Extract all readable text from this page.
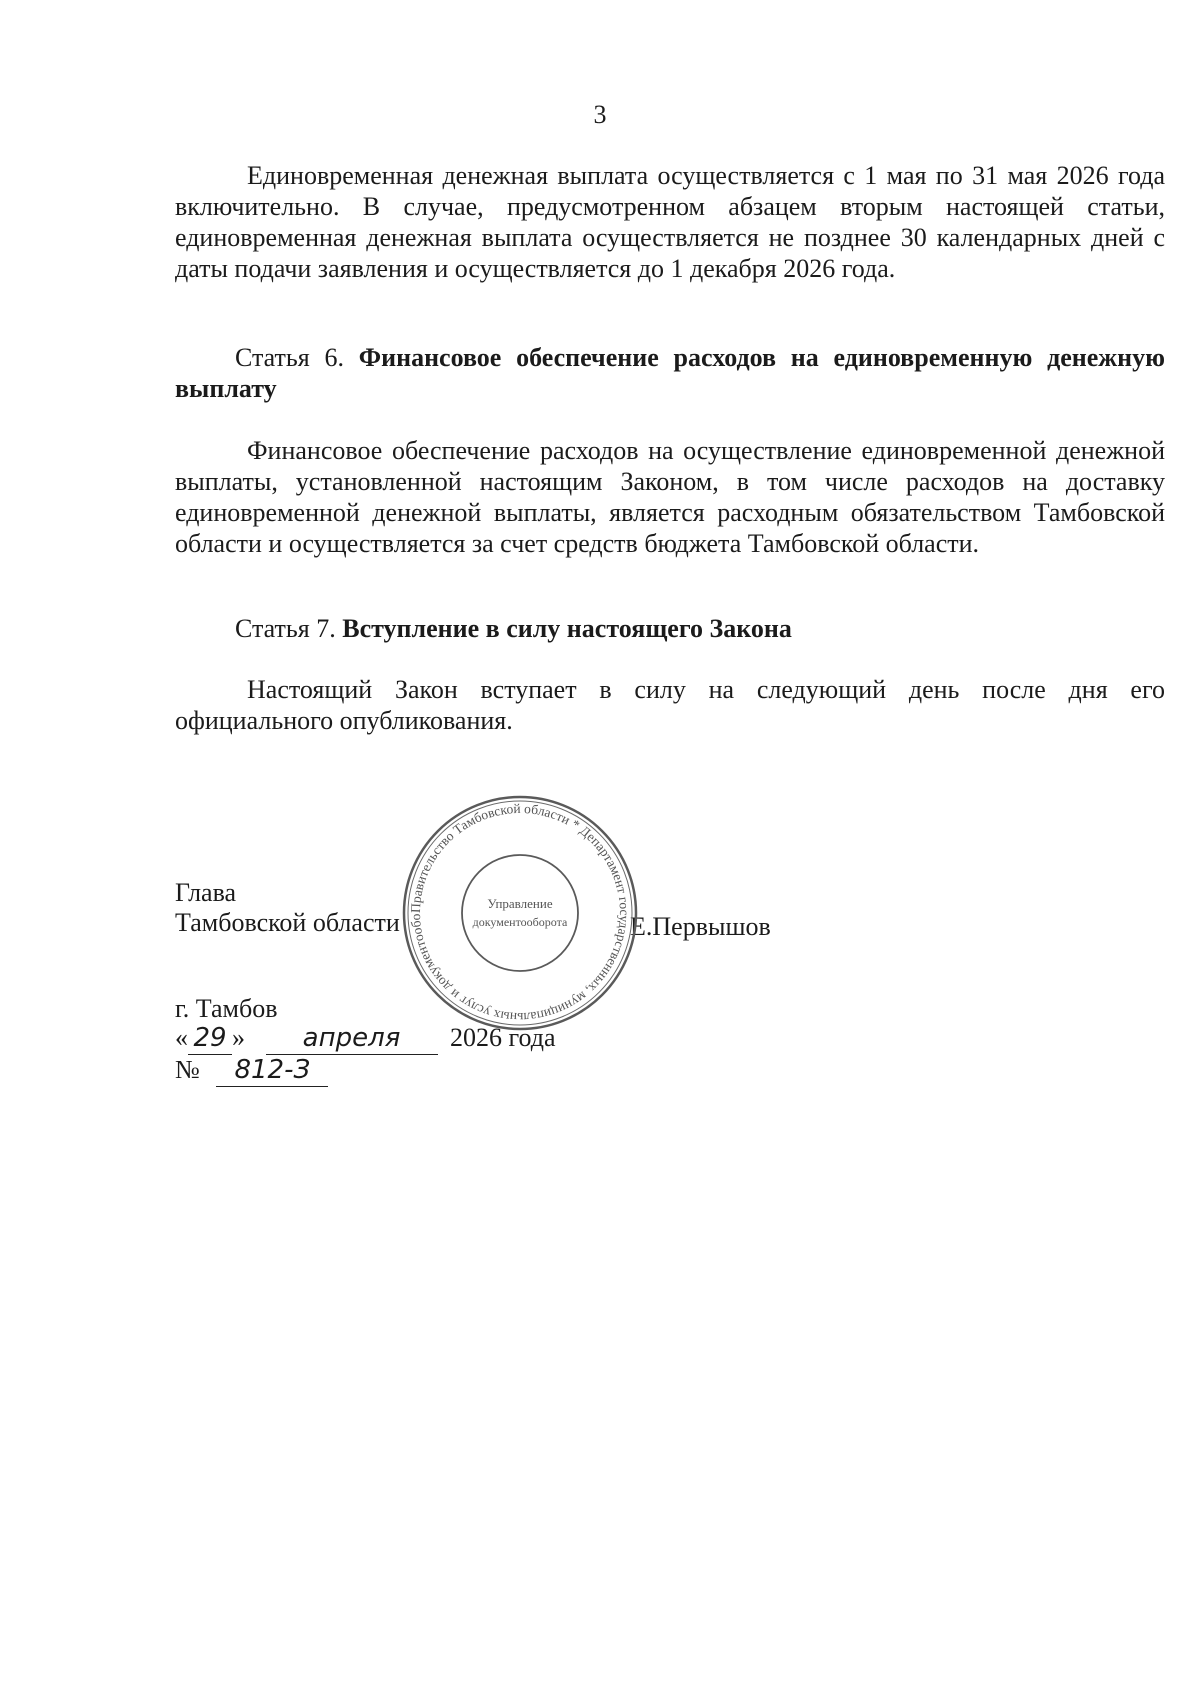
3

Единовременная денежная выплата осуществляется с 1 мая по 31 мая 2026 года включительно. В случае, предусмотренном абзацем вторым настоящей статьи, единовременная денежная выплата осуществляется не позднее 30 календарных дней с даты подачи заявления и осуществляется до 1 декабря 2026 года.

Статья 6. Финансовое обеспечение расходов на единовременную денежную выплату

Финансовое обеспечение расходов на осуществление единовременной денежной выплаты, установленной настоящим Законом, в том числе расходов на доставку единовременной денежной выплаты, является расходным обязательством Тамбовской области и осуществляется за счет средств бюджета Тамбовской области.

Статья 7. Вступление в силу настоящего Закона

Настоящий Закон вступает в силу на следующий день после дня его официального опубликования.

Глава
Тамбовской области	Е.Первышов
Правительство Тамбовской области * Департамент государственных, муниципальных услуг и документообо
Управление
документооборота
г. Тамбов
« 29 » апреля 2026 года
№ 812-З
